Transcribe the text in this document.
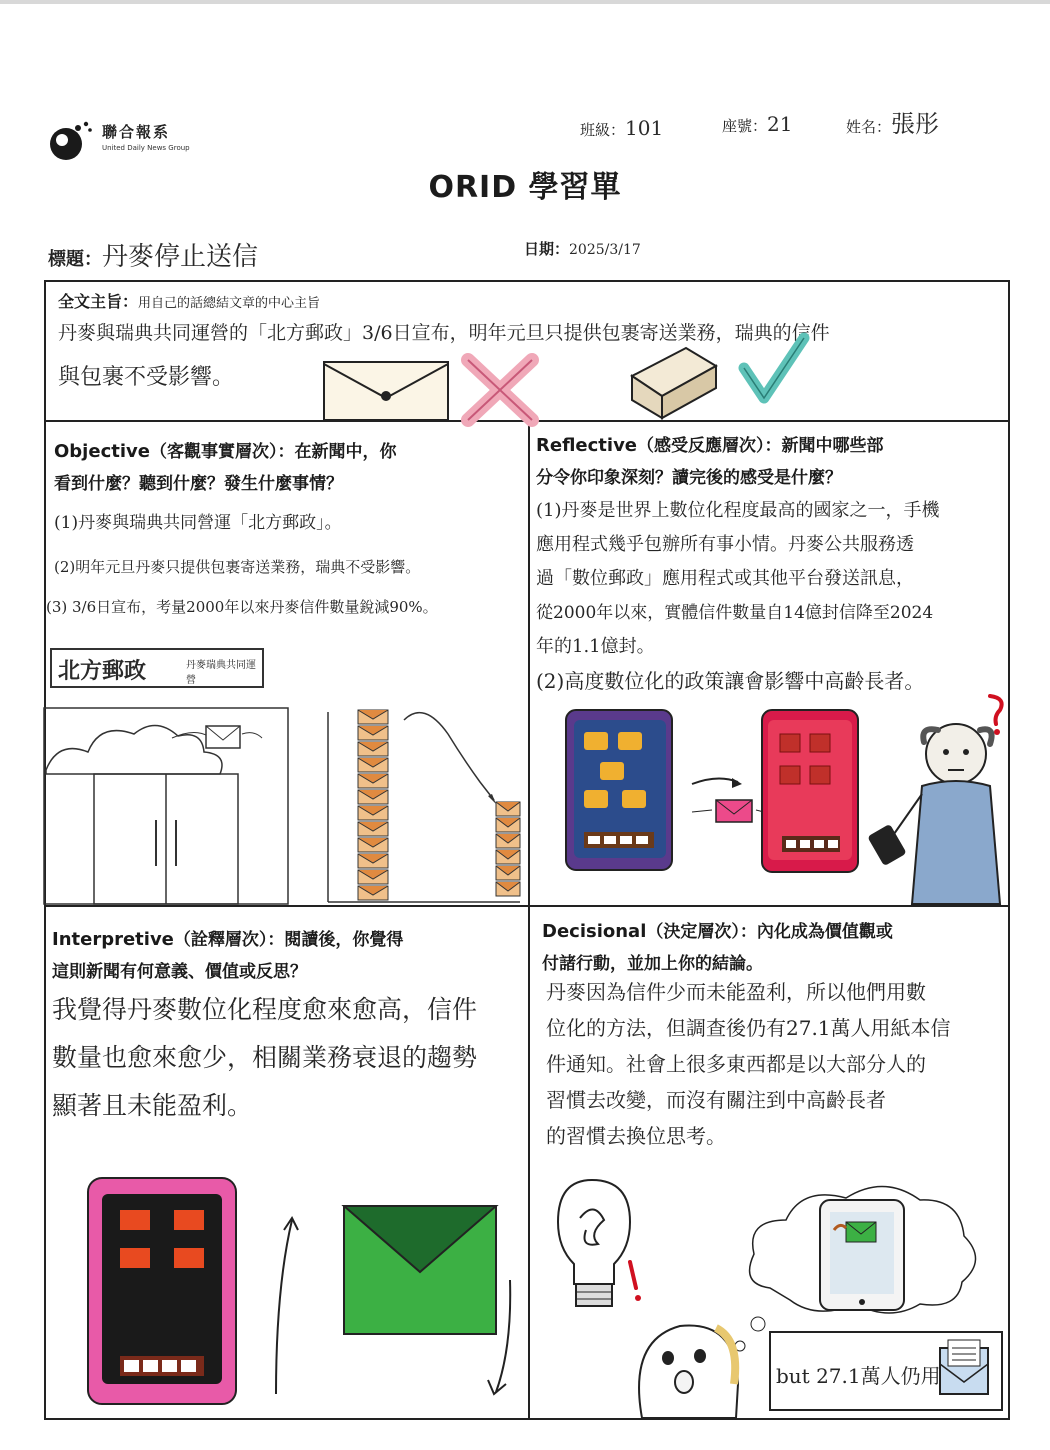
聯合報系
United Daily News Group
班級：101	座號：21	姓名：張彤
ORID 學習單
標題：丹麥停止送信	日期：2025/3/17
全文主旨：用自己的話總結文章的中心主旨
丹麥與瑞典共同運營的「北方郵政」3/6日宣布，明年元旦只提供包裹寄送業務，瑞典的信件
與包裹不受影響。
Objective（客觀事實層次）：在新聞中，你
看到什麼？聽到什麼？發生什麼事情？
(1)丹麥與瑞典共同營運「北方郵政」。
(2)明年元旦丹麥只提供包裹寄送業務，瑞典不受影響。
(3) 3/6日宣布，考量2000年以來丹麥信件數量銳減90%。
北方郵政	丹麥瑞典共同運營
Reflective（感受反應層次）：新聞中哪些部
分令你印象深刻？讀完後的感受是什麼？
(1)丹麥是世界上數位化程度最高的國家之一，手機
應用程式幾乎包辦所有事小情。丹麥公共服務透
過「數位郵政」應用程式或其他平台發送訊息，
從2000年以來，實體信件數量自14億封信降至2024
年的1.1億封。
(2)高度數位化的政策讓會影響中高齡長者。
Interpretive（詮釋層次）：閱讀後，你覺得
這則新聞有何意義、價值或反思？
我覺得丹麥數位化程度愈來愈高，信件
數量也愈來愈少，相關業務衰退的趨勢
顯著且未能盈利。
Decisional（決定層次）：內化成為價值觀或
付諸行動，並加上你的結論。
丹麥因為信件少而未能盈利，所以他們用數
位化的方法，但調查後仍有27.1萬人用紙本信
件通知。社會上很多東西都是以大部分人的
習慣去改變，而沒有關注到中高齡長者
的習慣去換位思考。
but 27.1萬人仍用
